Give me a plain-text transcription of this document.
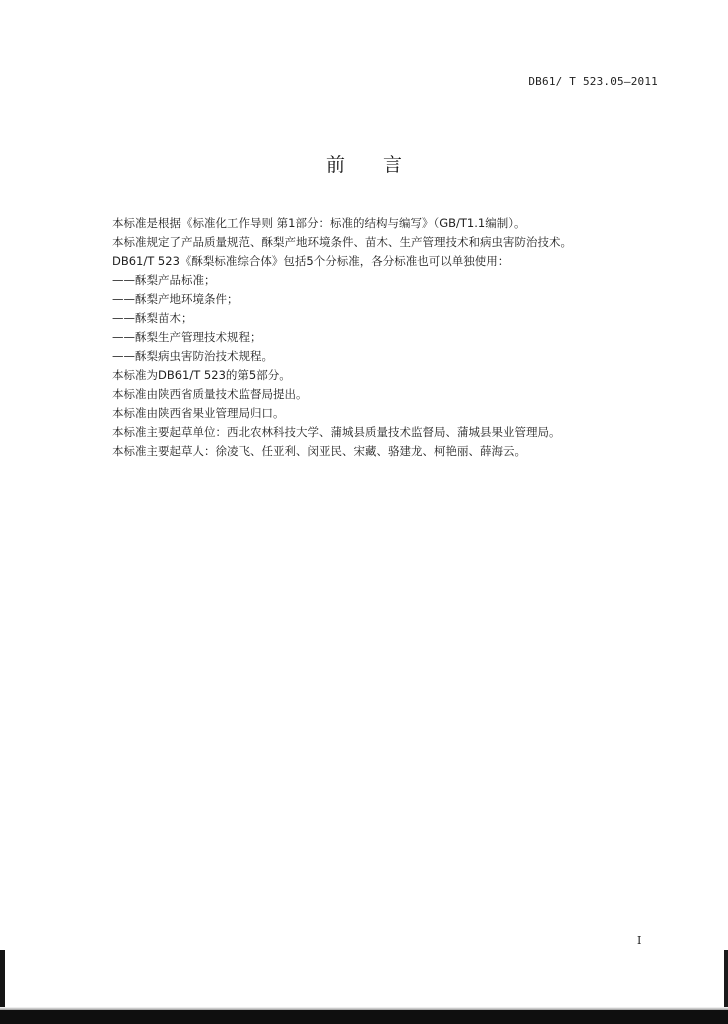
DB61/ T 523.05—2011
前言
本标准是根据《标准化工作导则 第1部分：标准的结构与编写》（GB/T1.1编制）。
本标准规定了产品质量规范、酥梨产地环境条件、苗木、生产管理技术和病虫害防治技术。
DB61/T 523《酥梨标准综合体》包括5个分标准，各分标准也可以单独使用：
——酥梨产品标准；
——酥梨产地环境条件；
——酥梨苗木；
——酥梨生产管理技术规程；
——酥梨病虫害防治技术规程。
本标准为DB61/T 523的第5部分。
本标准由陕西省质量技术监督局提出。
本标准由陕西省果业管理局归口。
本标准主要起草单位：西北农林科技大学、蒲城县质量技术监督局、蒲城县果业管理局。
本标准主要起草人：徐凌飞、任亚利、闵亚民、宋藏、骆建龙、柯艳丽、薛海云。
I
